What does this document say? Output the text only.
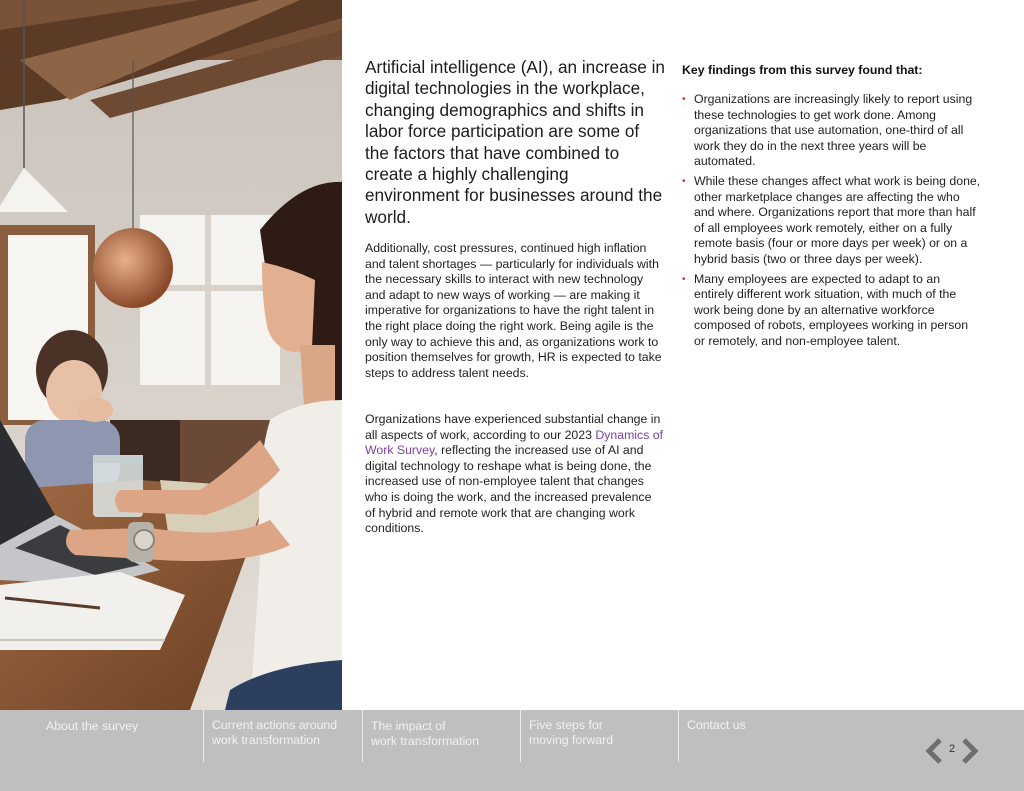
Artificial intelligence (AI), an increase in digital technologies in the workplace, changing demographics and shifts in labor force participation are some of the factors that have combined to create a highly challenging environment for businesses around the world.

Additionally, cost pressures, continued high inflation and talent shortages — particularly for individuals with the necessary skills to interact with new technology and adapt to new ways of working — are making it imperative for organizations to have the right talent in the right place doing the right work. Being agile is the only way to achieve this and, as organizations work to position themselves for growth, HR is expected to take steps to address talent needs.

Organizations have experienced substantial change in all aspects of work, according to our 2023 Dynamics of Work Survey, reflecting the increased use of AI and digital technology to reshape what is being done, the increased use of non-employee talent that changes who is doing the work, and the increased prevalence of hybrid and remote work that are changing work conditions.

Key findings from this survey found that:
• Organizations are increasingly likely to report using these technologies to get work done. Among organizations that use automation, one-third of all work they do in the next three years will be automated.
• While these changes affect what work is being done, other marketplace changes are affecting the who and where. Organizations report that more than half of all employees work remotely, either on a fully remote basis (four or more days per week) or on a hybrid basis (two or three days per week).
• Many employees are expected to adapt to an entirely different work situation, with much of the work being done by an alternative workforce composed of robots, employees working in person or remotely, and non-employee talent.
About the survey	Current actions around
work transformation
The impact of
work transformation
Five steps for
moving forward
Contact us
2
